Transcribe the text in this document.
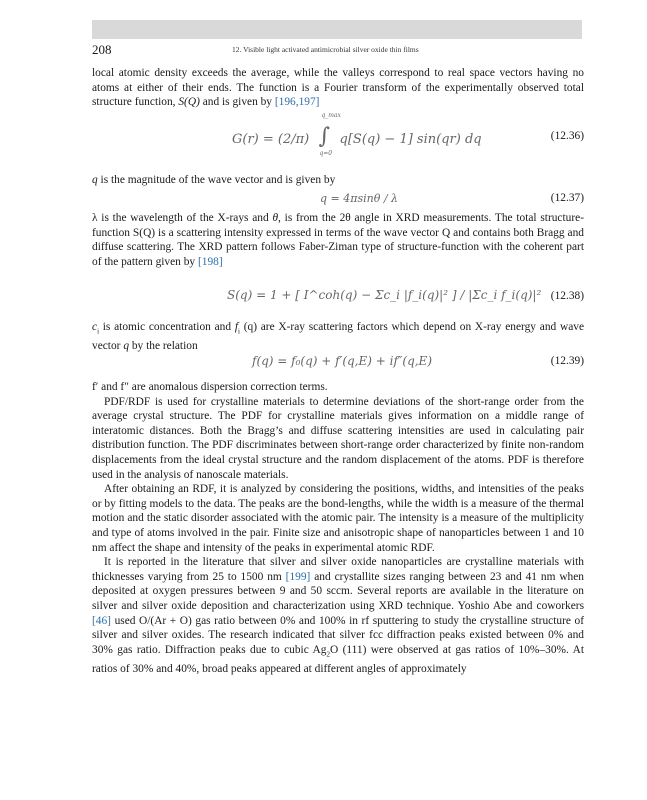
208	12. Visible light activated antimicrobial silver oxide thin films

local atomic density exceeds the average, while the valleys correspond to real space vectors having no atoms at either of their ends. The function is a Fourier transform of the experimentally observed total structure function, S(Q) and is given by [196,197]

G(r) = (2/π) ∫
q_max
q=0
q[S(q) − 1] sin(qr) dq	(12.36)

q is the magnitude of the wave vector and is given by

q = 4πsinθ / λ	(12.37)

λ is the wavelength of the X-rays and θ, is from the 2θ angle in XRD measurements. The total structure-function S(Q) is a scattering intensity expressed in terms of the wave vector Q and contains both Bragg and diffuse scattering. The XRD pattern follows Faber-Ziman type of structure-function with the coherent part of the pattern given by [198]

S(q) = 1 + [ I^coh(q) − Σc_i |f_i(q)|² ] / |Σc_i f_i(q)|² (12.38)

$c_i$ is atomic concentration and $f_i$ (q) are X-ray scattering factors which depend on X-ray energy and wave vector q by the relation

f(q) = f₀(q) + f′(q,E) + if″(q,E)	(12.39)

f′ and f″ are anomalous dispersion correction terms.

PDF/RDF is used for crystalline materials to determine deviations of the short-range order from the average crystal structure. The PDF for crystalline materials gives information on a middle range of interatomic distances. Both the Bragg’s and diffuse scattering intensities are used in calculating pair distribution function. The PDF discriminates between short-range order characterized by finite non-random displacements from the ideal crystal structure and the random displacement of the atoms. PDF is therefore used in the analysis of nanoscale materials.

After obtaining an RDF, it is analyzed by considering the positions, widths, and intensities of the peaks or by fitting models to the data. The peaks are the bond-lengths, while the width is a measure of the thermal motion and the static disorder associated with the atomic pair. The intensity is a measure of the multiplicity and type of atoms involved in the pair. Finite size and anisotropic shape of nanoparticles between 1 and 10 nm affect the shape and intensity of the peaks in experimental atomic RDF.

It is reported in the literature that silver and silver oxide nanoparticles are crystalline materials with thicknesses varying from 25 to 1500 nm [199] and crystallite sizes ranging between 23 and 41 nm when deposited at oxygen pressures between 9 and 50 sccm. Several reports are available in the literature on silver and silver oxide deposition and characterization using XRD technique. Yoshio Abe and coworkers [46] used O/(Ar + O) gas ratio between 0% and 100% in rf sputtering to study the crystalline structure of silver and silver oxides. The research indicated that silver fcc diffraction peaks existed between 0% and 30% gas ratio. Diffraction peaks due to cubic $Ag_2O$ (111) were observed at gas ratios of 10%–30%. At ratios of 30% and 40%, broad peaks appeared at different angles of approximately
